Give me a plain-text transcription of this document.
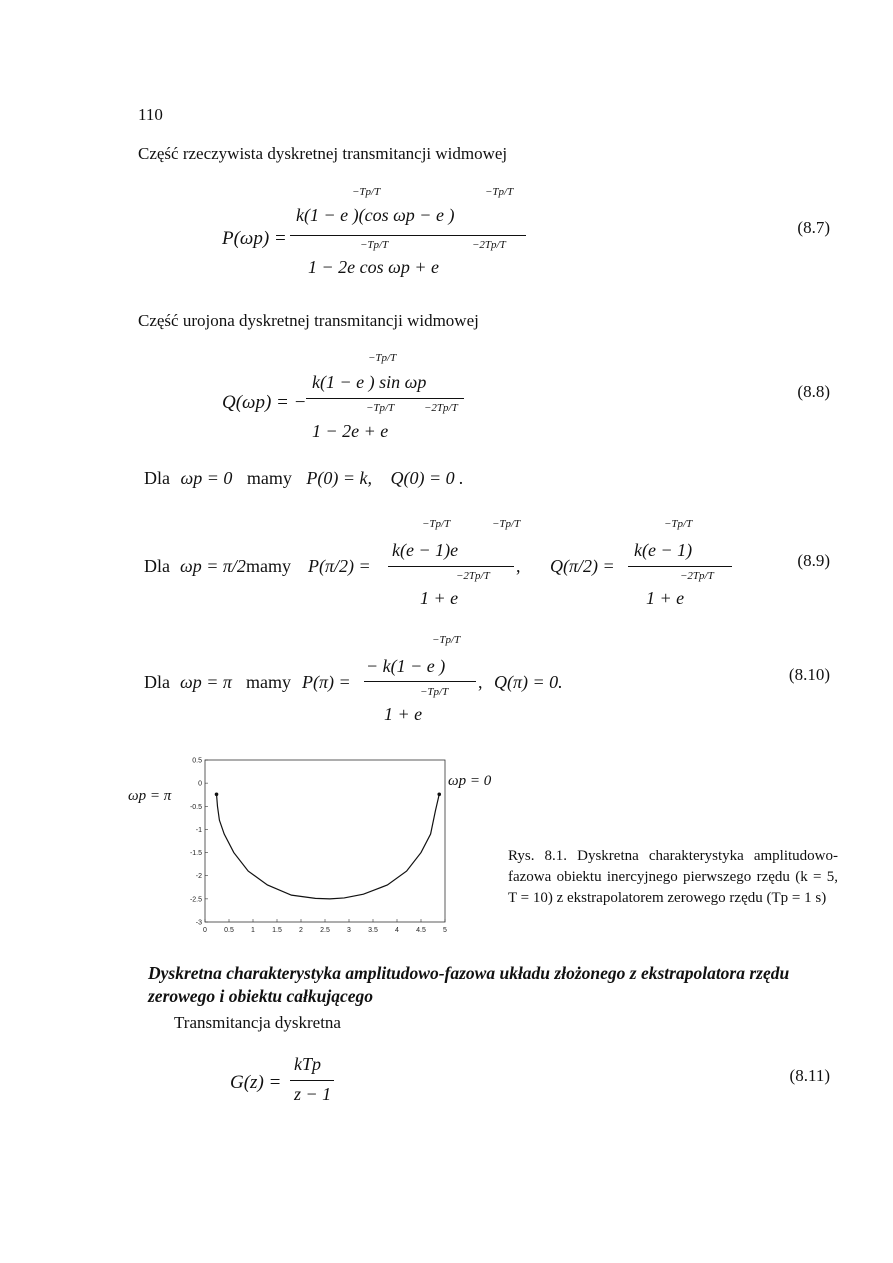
110
Część rzeczywista dyskretnej transmitancji widmowej
P(ωp) =
k(1 − e )(cos ωp − e )
−Tp/T	−Tp/T
1 − 2e cos ωp + e
−Tp/T	−2Tp/T
(8.7)
Część urojona dyskretnej transmitancji widmowej
Q(ωp) = −
k(1 − e ) sin ωp
−Tp/T
1 − 2e + e
−Tp/T	−2Tp/T
(8.8)
Dla ωp = 0 mamy P(0) = k, Q(0) = 0 .
Dla ωp = π/2 mamy P(π/2) =
k(e − 1)e
−Tp/T	−Tp/T
1 + e
−2Tp/T , Q(π/2) =
k(e − 1)
−Tp/T
1 + e
−2Tp/T
(8.9)
Dla ωp = π mamy P(π) =
− k(1 − e )
−Tp/T
1 + e
−Tp/T , Q(π) = 0.	(8.10)
ωp = π
ωp = 0
0 0.5 1 1.5 2 2.5 3 3.5 4 4.5 5
0.5
0
-0.5
-1
-1.5
-2
-2.5
-3
Rys. 8.1. Dyskretna charakterystyka amplitudowo-fazowa obiektu inercyjnego pierwszego rzędu (k = 5, T = 10) z ekstrapolatorem zerowego rzędu (Tp = 1 s)
Dyskretna charakterystyka amplitudowo-fazowa układu złożonego z ekstrapolatora rzędu zerowego i obiektu całkującego
Transmitancja dyskretna
G(z) =
kTp
z − 1
(8.11)
